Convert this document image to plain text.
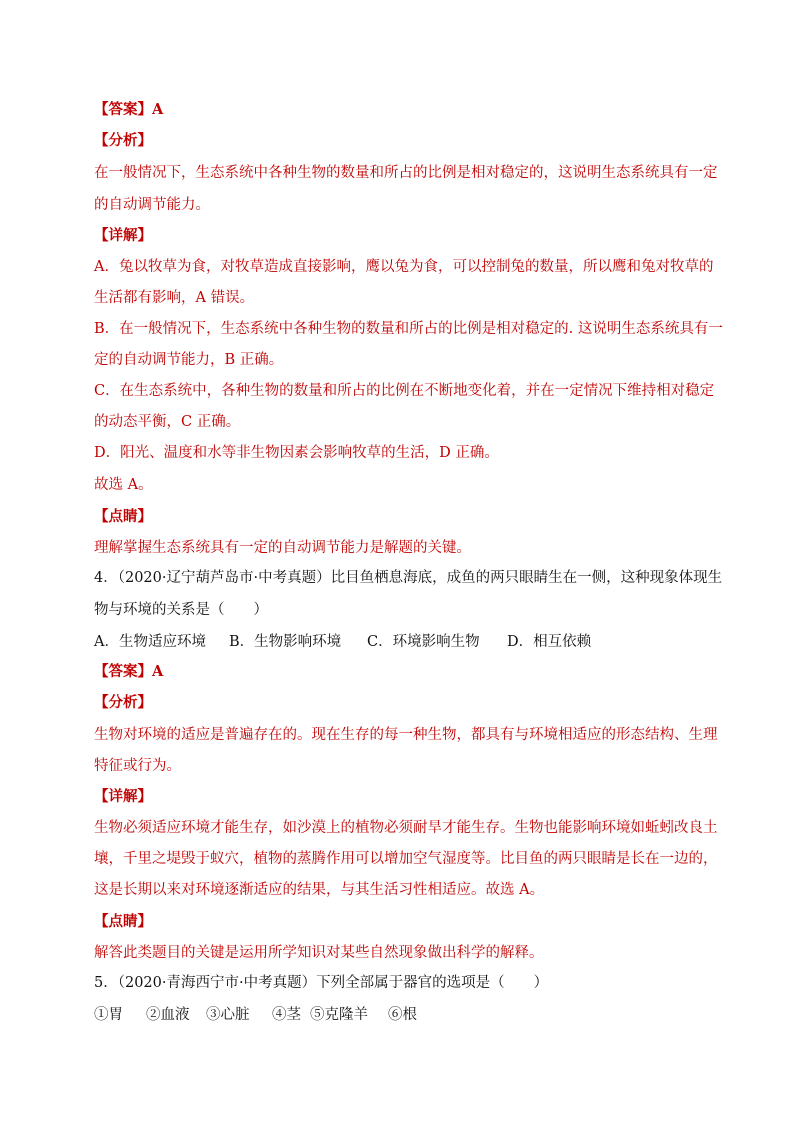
【答案】A
【分析】
在一般情况下，生态系统中各种生物的数量和所占的比例是相对稳定的，这说明生态系统具有一定
的自动调节能力。
【详解】
A．兔以牧草为食，对牧草造成直接影响，鹰以兔为食，可以控制兔的数量，所以鹰和兔对牧草的
生活都有影响，A 错误。
B．在一般情况下，生态系统中各种生物的数量和所占的比例是相对稳定的. 这说明生态系统具有一
定的自动调节能力，B 正确。
C．在生态系统中，各种生物的数量和所占的比例在不断地变化着，并在一定情况下维持相对稳定
的动态平衡，C 正确。
D．阳光、温度和水等非生物因素会影响牧草的生活，D 正确。
故选 A。
【点睛】
理解掌握生态系统具有一定的自动调节能力是解题的关键。
4．（2020·辽宁葫芦岛市·中考真题）比目鱼栖息海底，成鱼的两只眼睛生在一侧，这种现象体现生
物与环境的关系是（　　）
A．生物适应环境 B．生物影响环境 C．环境影响生物 D．相互依赖
【答案】A
【分析】
生物对环境的适应是普遍存在的。现在生存的每一种生物，都具有与环境相适应的形态结构、生理
特征或行为。
【详解】
生物必须适应环境才能生存，如沙漠上的植物必须耐旱才能生存。生物也能影响环境如蚯蚓改良土
壤，千里之堤毁于蚁穴，植物的蒸腾作用可以增加空气湿度等。比目鱼的两只眼睛是长在一边的，
这是长期以来对环境逐渐适应的结果，与其生活习性相适应。故选 A。
【点睛】
解答此类题目的关键是运用所学知识对某些自然现象做出科学的解释。
5．（2020·青海西宁市·中考真题）下列全部属于器官的选项是（　　）
①胃 ②血液 ③心脏 ④茎 ⑤克隆羊 ⑥根
